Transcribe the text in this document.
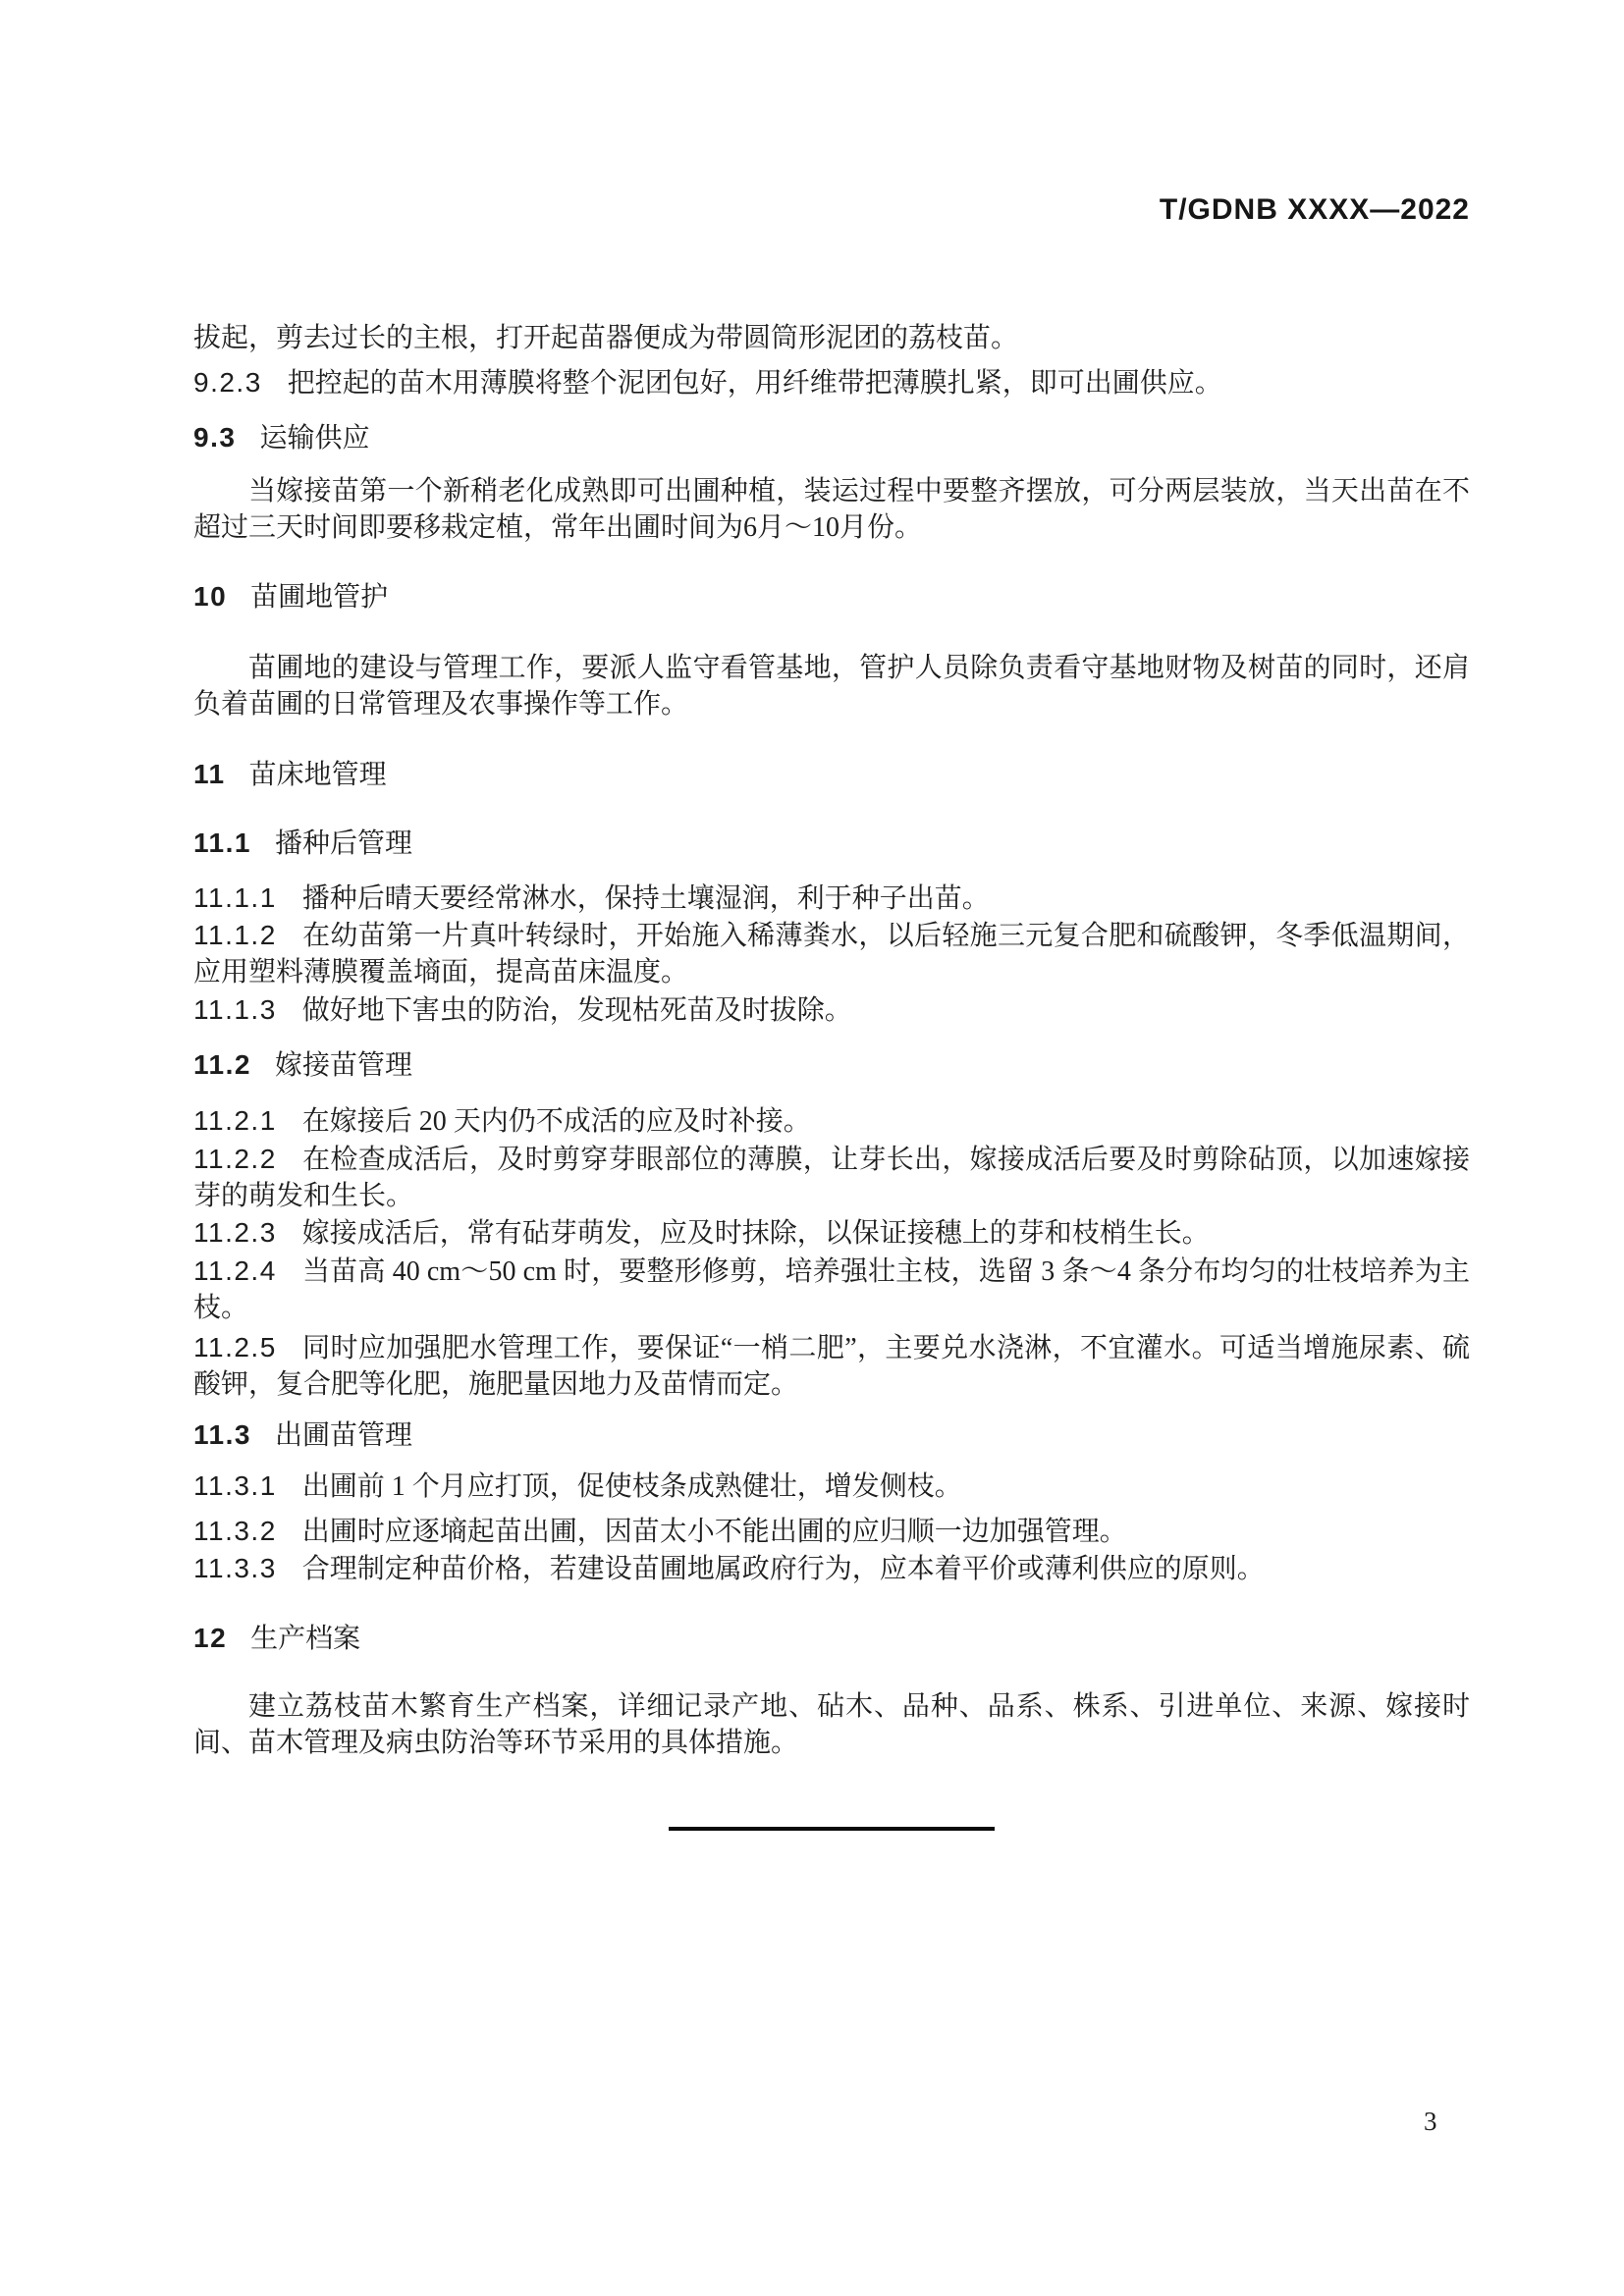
T/GDNB XXXX—2022

拔起，剪去过长的主根，打开起苗器便成为带圆筒形泥团的荔枝苗。

9.2.3 把控起的苗木用薄膜将整个泥团包好，用纤维带把薄膜扎紧，即可出圃供应。

9.3 运输供应

当嫁接苗第一个新稍老化成熟即可出圃种植，装运过程中要整齐摆放，可分两层装放，当天出苗在不超过三天时间即要移栽定植，常年出圃时间为6月～10月份。

10 苗圃地管护

苗圃地的建设与管理工作，要派人监守看管基地，管护人员除负责看守基地财物及树苗的同时，还肩负着苗圃的日常管理及农事操作等工作。

11 苗床地管理
11.1 播种后管理

11.1.1 播种后晴天要经常淋水，保持土壤湿润，利于种子出苗。

11.1.2 在幼苗第一片真叶转绿时，开始施入稀薄粪水，以后轻施三元复合肥和硫酸钾，冬季低温期间，应用塑料薄膜覆盖墒面，提高苗床温度。

11.1.3 做好地下害虫的防治，发现枯死苗及时拔除。

11.2 嫁接苗管理

11.2.1 在嫁接后 20 天内仍不成活的应及时补接。

11.2.2 在检查成活后，及时剪穿芽眼部位的薄膜，让芽长出，嫁接成活后要及时剪除砧顶，以加速嫁接芽的萌发和生长。

11.2.3 嫁接成活后，常有砧芽萌发，应及时抹除，以保证接穗上的芽和枝梢生长。

11.2.4 当苗高 40 cm～50 cm 时，要整形修剪，培养强壮主枝，选留 3 条～4 条分布均匀的壮枝培养为主枝。

11.2.5 同时应加强肥水管理工作，要保证“一梢二肥”，主要兑水浇淋，不宜灌水。可适当增施尿素、硫酸钾，复合肥等化肥，施肥量因地力及苗情而定。

11.3 出圃苗管理

11.3.1 出圃前 1 个月应打顶，促使枝条成熟健壮，增发侧枝。

11.3.2 出圃时应逐墒起苗出圃，因苗太小不能出圃的应归顺一边加强管理。

11.3.3 合理制定种苗价格，若建设苗圃地属政府行为，应本着平价或薄利供应的原则。

12 生产档案

建立荔枝苗木繁育生产档案，详细记录产地、砧木、品种、品系、株系、引进单位、来源、嫁接时间、苗木管理及病虫防治等环节采用的具体措施。

3
